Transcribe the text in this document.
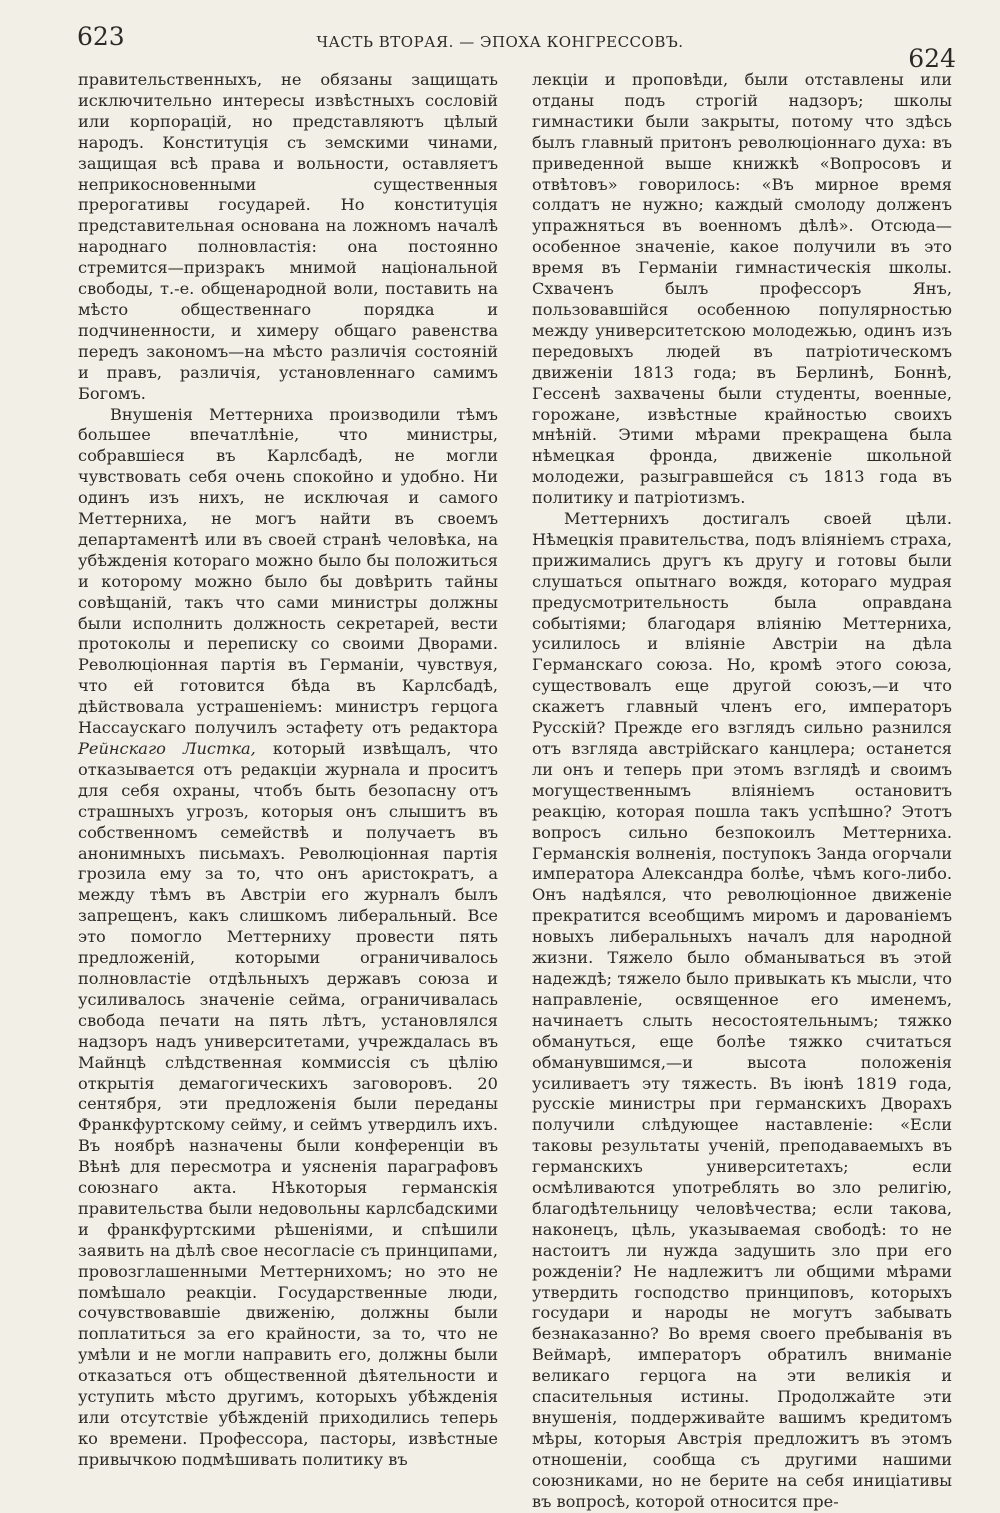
623	ЧАСТЬ ВТОРАЯ. — ЭПОХА КОНГРЕССОВЪ.
624

правительственныхъ, не обязаны защищать исключительно интересы извѣстныхъ сословій или корпорацій, но представляютъ цѣлый народъ. Конституція съ земскими чинами, защищая всѣ права и вольности, оставляетъ неприкосновенными существенныя прерогативы государей. Но конституція представительная основана на ложномъ началѣ народнаго полновластія: она постоянно стремится—призракъ мнимой національной свободы, т.-е. общенародной воли, поставить на мѣсто общественнаго порядка и подчиненности, и химеру общаго равенства передъ закономъ—на мѣсто различія состояній и правъ, различія, установленнаго самимъ Богомъ.

Внушенія Меттерниха производили тѣмъ большее впечатлѣніе, что министры, собравшіеся въ Карлсбадѣ, не могли чувствовать себя очень спокойно и удобно. Ни одинъ изъ нихъ, не исключая и самого Меттерниха, не могъ найти въ своемъ департаментѣ или въ своей странѣ человѣка, на убѣжденія котораго можно было бы положиться и которому можно было бы довѣрить тайны совѣщаній, такъ что сами министры должны были исполнить должность секретарей, вести протоколы и переписку со своими Дворами. Революціонная партія въ Германіи, чувствуя, что ей готовится бѣда въ Карлсбадѣ, дѣйствовала устрашеніемъ: министръ герцога Нассаускаго получилъ эстафету отъ редактора Рейнскаго Листка, который извѣщалъ, что отказывается отъ редакціи журнала и проситъ для себя охраны, чтобъ быть безопасну отъ страшныхъ угрозъ, которыя онъ слышитъ въ собственномъ семействѣ и получаетъ въ анонимныхъ письмахъ. Революціонная партія грозила ему за то, что онъ аристократъ, а между тѣмъ въ Австріи его журналъ былъ запрещенъ, какъ слишкомъ либеральный. Все это помогло Меттерниху провести пять предложеній, которыми ограничивалось полновластіе отдѣльныхъ державъ союза и усиливалось значеніе сейма, ограничивалась свобода печати на пять лѣтъ, установлялся надзоръ надъ университетами, учреждалась въ Майнцѣ слѣдственная коммиссія съ цѣлію открытія демагогическихъ заговоровъ. 20 сентября, эти предложенія были переданы Франкфуртскому сейму, и сеймъ утвердилъ ихъ. Въ ноябрѣ назначены были конференціи въ Вѣнѣ для пересмотра и уясненія параграфовъ союзнаго акта. Нѣкоторыя германскія правительства были недовольны карлсбадскими и франкфуртскими рѣшеніями, и спѣшили заявить на дѣлѣ свое несогласіе съ принципами, провозглашенными Меттернихомъ; но это не помѣшало реакціи. Государственные люди, сочувствовавшіе движенію, должны были поплатиться за его крайности, за то, что не умѣли и не могли направить его, должны были отказаться отъ общественной дѣятельности и уступить мѣсто другимъ, которыхъ убѣжденія или отсутствіе убѣжденій приходились теперь ко времени. Профессора, пасторы, извѣстные привычкою подмѣшивать политику въ

лекціи и проповѣди, были отставлены или отданы подъ строгій надзоръ; школы гимнастики были закрыты, потому что здѣсь былъ главный притонъ революціоннаго духа: въ приведенной выше книжкѣ «Вопросовъ и отвѣтовъ» говорилось: «Въ мирное время солдатъ не нужно; каждый смолоду долженъ упражняться въ военномъ дѣлѣ». Отсюда—особенное значеніе, какое получили въ это время въ Германіи гимнастическія школы. Схваченъ былъ профессоръ Янъ, пользовавшійся особенною популярностью между университетскою молодежью, одинъ изъ передовыхъ людей въ патріотическомъ движеніи 1813 года; въ Берлинѣ, Боннѣ, Гессенѣ захвачены были студенты, военные, горожане, извѣстные крайностью своихъ мнѣній. Этими мѣрами прекращена была нѣмецкая фронда, движеніе школьной молодежи, разыгравшейся съ 1813 года въ политику и патріотизмъ.

Меттернихъ достигалъ своей цѣли. Нѣмецкія правительства, подъ вліяніемъ страха, прижимались другъ къ другу и готовы были слушаться опытнаго вождя, котораго мудрая предусмотрительность была оправдана событіями; благодаря вліянію Меттерниха, усилилось и вліяніе Австріи на дѣла Германскаго союза. Но, кромѣ этого союза, существовалъ еще другой союзъ,—и что скажетъ главный членъ его, императоръ Русскій? Прежде его взглядъ сильно разнился отъ взгляда австрійскаго канцлера; останется ли онъ и теперь при этомъ взглядѣ и своимъ могущественнымъ вліяніемъ остановитъ реакцію, которая пошла такъ успѣшно? Этотъ вопросъ сильно безпокоилъ Меттерниха. Германскія волненія, поступокъ Занда огорчали императора Александра болѣе, чѣмъ кого-либо. Онъ надѣялся, что революціонное движеніе прекратится всеобщимъ миромъ и дарованіемъ новыхъ либеральныхъ началъ для народной жизни. Тяжело было обманываться въ этой надеждѣ; тяжело было привыкать къ мысли, что направленіе, освященное его именемъ, начинаетъ слыть несостоятельнымъ; тяжко обмануться, еще болѣе тяжко считаться обманувшимся,—и высота положенія усиливаетъ эту тяжесть. Въ іюнѣ 1819 года, русскіе министры при германскихъ Дворахъ получили слѣдующее наставленіе: «Если таковы результаты ученій, преподаваемыхъ въ германскихъ университетахъ; если осмѣливаются употреблять во зло религію, благодѣтельницу человѣчества; если такова, наконецъ, цѣль, указываемая свободѣ: то не настоитъ ли нужда задушить зло при его рожденіи? Не надлежитъ ли общими мѣрами утвердить господство принциповъ, которыхъ государи и народы не могутъ забывать безнаказанно? Во время своего пребыванія въ Веймарѣ, императоръ обратилъ вниманіе великаго герцога на эти великія и спасительныя истины. Продолжайте эти внушенія, поддерживайте вашимъ кредитомъ мѣры, которыя Австрія предложитъ въ этомъ отношеніи, сообща съ другими нашими союзниками, но не берите на себя иниціативы въ вопросѣ, которой относится пре-
